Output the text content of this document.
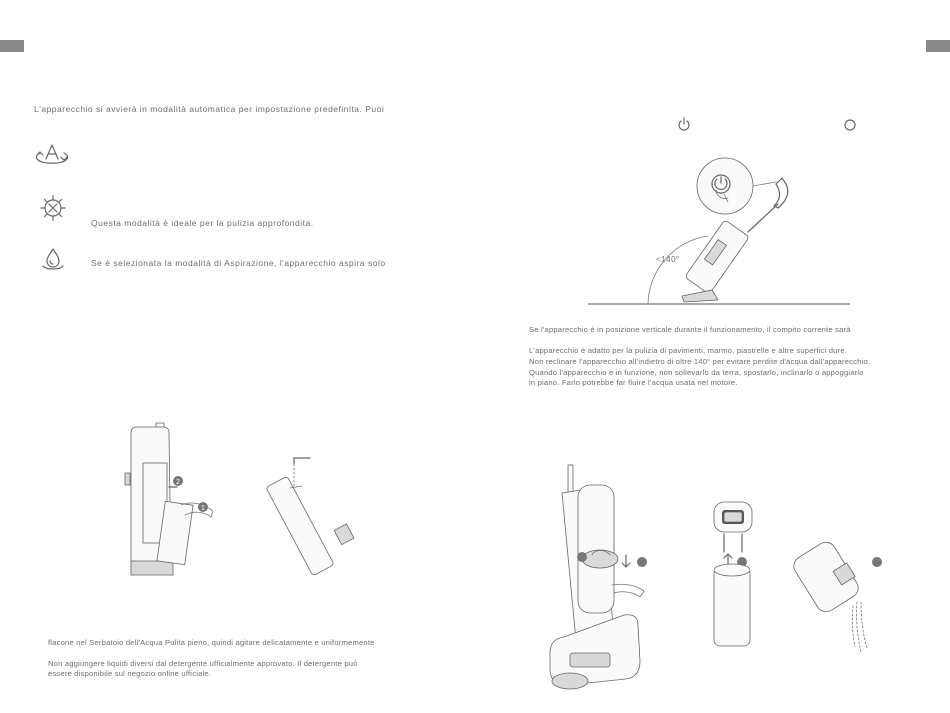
L'apparecchio si avvierà in modalità automatica per impostazione predefinita. Puoi
Questa modalità è ideale per la pulizia approfondita.
Se è selezionata la modalità di Aspirazione, l'apparecchio aspira solo
2
1
flacone nel Serbatoio dell'Acqua Pulita pieno, quindi agitare delicatamente e uniformemente
Non aggiungere liquidi diversi dal detergente ufficialmente approvato. Il detergente può
essere disponibile sul negozio online ufficiale.
<140°
Se l'apparecchio è in posizione verticale durante il funzionamento, il compito corrente sarà
L'apparecchio è adatto per la pulizia di pavimenti, marmo, piastrelle e altre superfici dure.
Non reclinare l'apparecchio all'indietro di oltre 140° per evitare perdite d'acqua dall'apparecchio.
Quando l'apparecchio è in funzione, non sollevarlo da terra, spostarlo, inclinarlo o appoggiarlo
in piano. Farlo potrebbe far fluire l'acqua usata nel motore.
